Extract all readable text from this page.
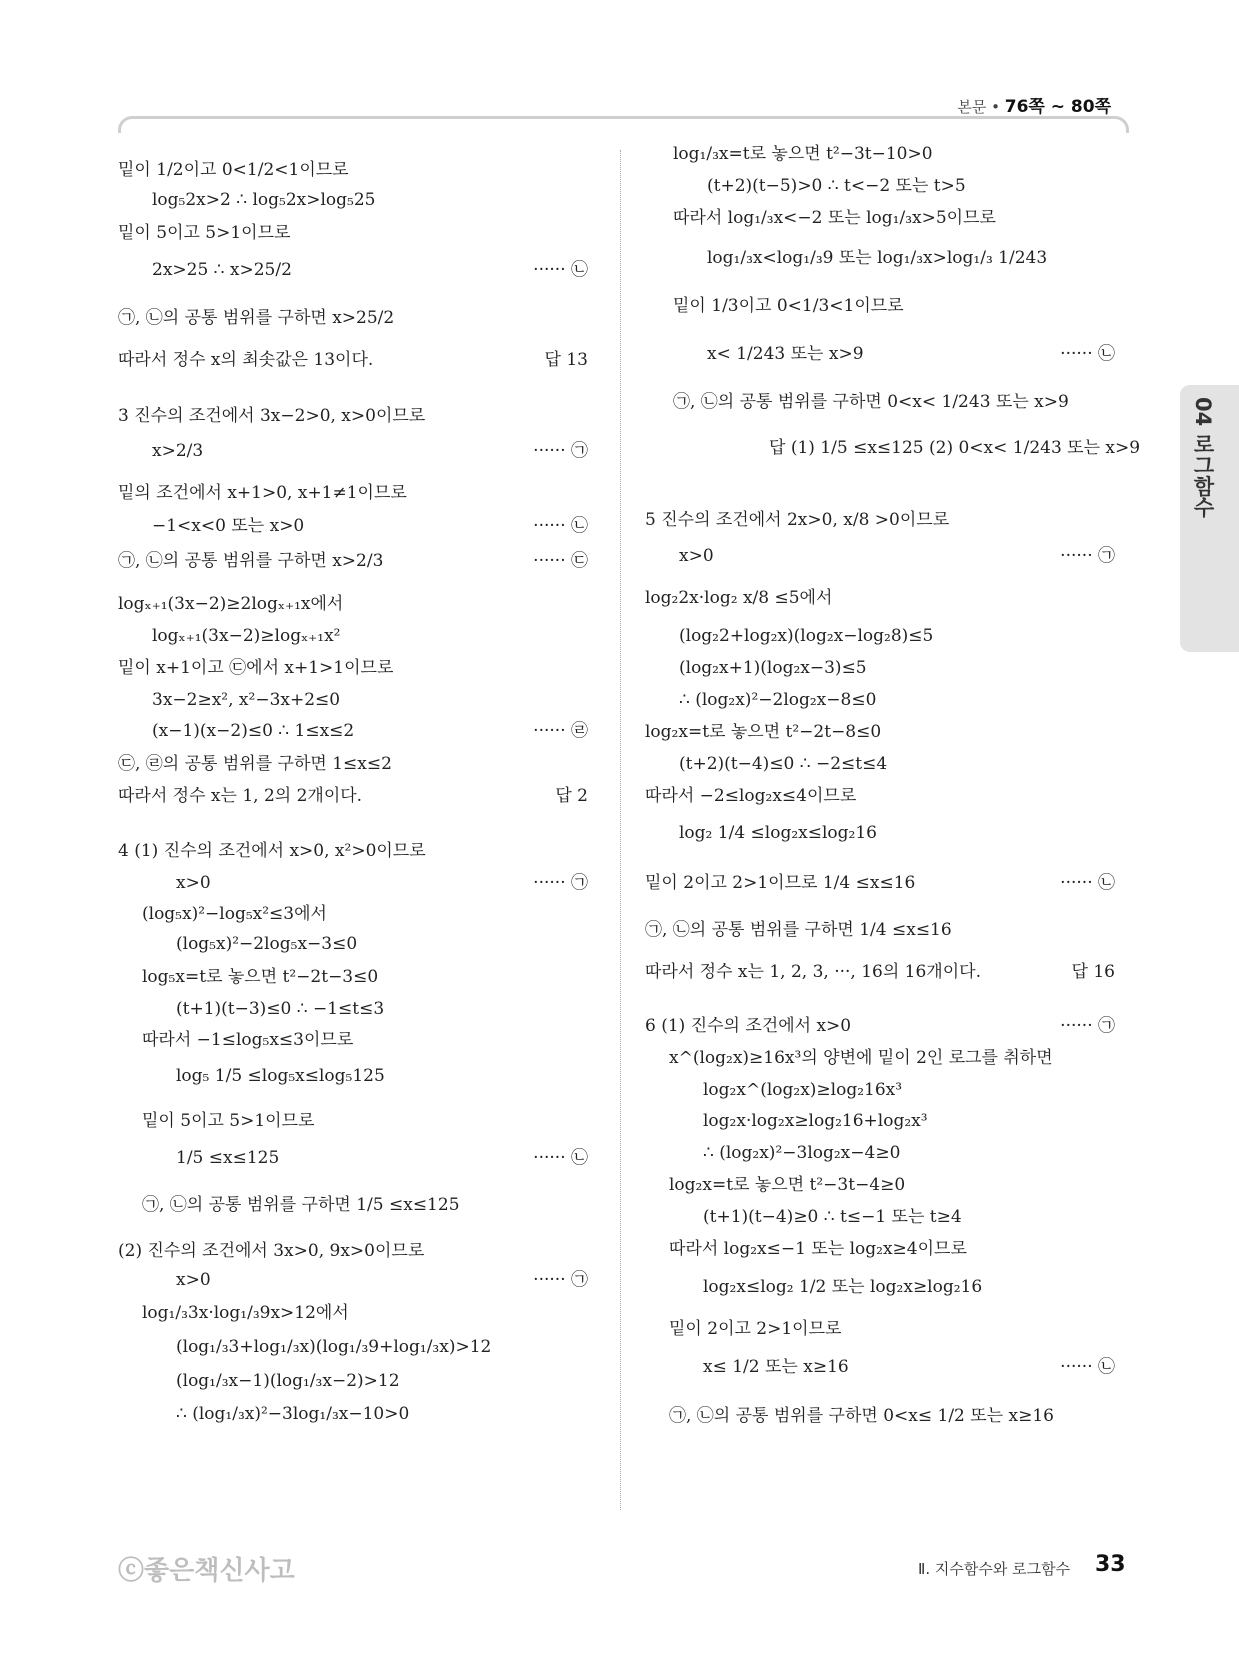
본문 • 76쪽 ~ 80쪽
04 로그함수
밑이 1/2이고 0<1/2<1이므로
log₅2x>2 ∴ log₅2x>log₅25
밑이 5이고 5>1이므로
2x>25 ∴ x>25/2	······ ㉡
㉠, ㉡의 공통 범위를 구하면 x>25/2
따라서 정수 x의 최솟값은 13이다.	답 13
3 진수의 조건에서 3x−2>0, x>0이므로
x>2/3	······ ㉠
밑의 조건에서 x+1>0, x+1≠1이므로
−1<x<0 또는 x>0	······ ㉡
㉠, ㉡의 공통 범위를 구하면 x>2/3	······ ㉢
logₓ₊₁(3x−2)≥2logₓ₊₁x에서
logₓ₊₁(3x−2)≥logₓ₊₁x²
밑이 x+1이고 ㉢에서 x+1>1이므로
3x−2≥x², x²−3x+2≤0
(x−1)(x−2)≤0 ∴ 1≤x≤2	······ ㉣
㉢, ㉣의 공통 범위를 구하면 1≤x≤2
따라서 정수 x는 1, 2의 2개이다.	답 2
4 (1) 진수의 조건에서 x>0, x²>0이므로
x>0	······ ㉠
(log₅x)²−log₅x²≤3에서
(log₅x)²−2log₅x−3≤0
log₅x=t로 놓으면 t²−2t−3≤0
(t+1)(t−3)≤0 ∴ −1≤t≤3
따라서 −1≤log₅x≤3이므로
log₅ 1/5 ≤log₅x≤log₅125
밑이 5이고 5>1이므로
1/5 ≤x≤125	······ ㉡
㉠, ㉡의 공통 범위를 구하면 1/5 ≤x≤125
(2) 진수의 조건에서 3x>0, 9x>0이므로
x>0	······ ㉠
log₁/₃3x·log₁/₃9x>12에서
(log₁/₃3+log₁/₃x)(log₁/₃9+log₁/₃x)>12
(log₁/₃x−1)(log₁/₃x−2)>12
∴ (log₁/₃x)²−3log₁/₃x−10>0
log₁/₃x=t로 놓으면 t²−3t−10>0
(t+2)(t−5)>0 ∴ t<−2 또는 t>5
따라서 log₁/₃x<−2 또는 log₁/₃x>5이므로
log₁/₃x<log₁/₃9 또는 log₁/₃x>log₁/₃ 1/243
밑이 1/3이고 0<1/3<1이므로
x< 1/243 또는 x>9	······ ㉡
㉠, ㉡의 공통 범위를 구하면 0<x< 1/243 또는 x>9
답 (1) 1/5 ≤x≤125 (2) 0<x< 1/243 또는 x>9
5 진수의 조건에서 2x>0, x/8 >0이므로
x>0	······ ㉠
log₂2x·log₂ x/8 ≤5에서
(log₂2+log₂x)(log₂x−log₂8)≤5
(log₂x+1)(log₂x−3)≤5
∴ (log₂x)²−2log₂x−8≤0
log₂x=t로 놓으면 t²−2t−8≤0
(t+2)(t−4)≤0 ∴ −2≤t≤4
따라서 −2≤log₂x≤4이므로
log₂ 1/4 ≤log₂x≤log₂16
밑이 2이고 2>1이므로 1/4 ≤x≤16	······ ㉡
㉠, ㉡의 공통 범위를 구하면 1/4 ≤x≤16
따라서 정수 x는 1, 2, 3, ···, 16의 16개이다.	답 16
6 (1) 진수의 조건에서 x>0	······ ㉠
x^(log₂x)≥16x³의 양변에 밑이 2인 로그를 취하면
log₂x^(log₂x)≥log₂16x³
log₂x·log₂x≥log₂16+log₂x³
∴ (log₂x)²−3log₂x−4≥0
log₂x=t로 놓으면 t²−3t−4≥0
(t+1)(t−4)≥0 ∴ t≤−1 또는 t≥4
따라서 log₂x≤−1 또는 log₂x≥4이므로
log₂x≤log₂ 1/2 또는 log₂x≥log₂16
밑이 2이고 2>1이므로
x≤ 1/2 또는 x≥16	······ ㉡
㉠, ㉡의 공통 범위를 구하면 0<x≤ 1/2 또는 x≥16
ⓒ좋은책신사고	Ⅱ. 지수함수와 로그함수 33
